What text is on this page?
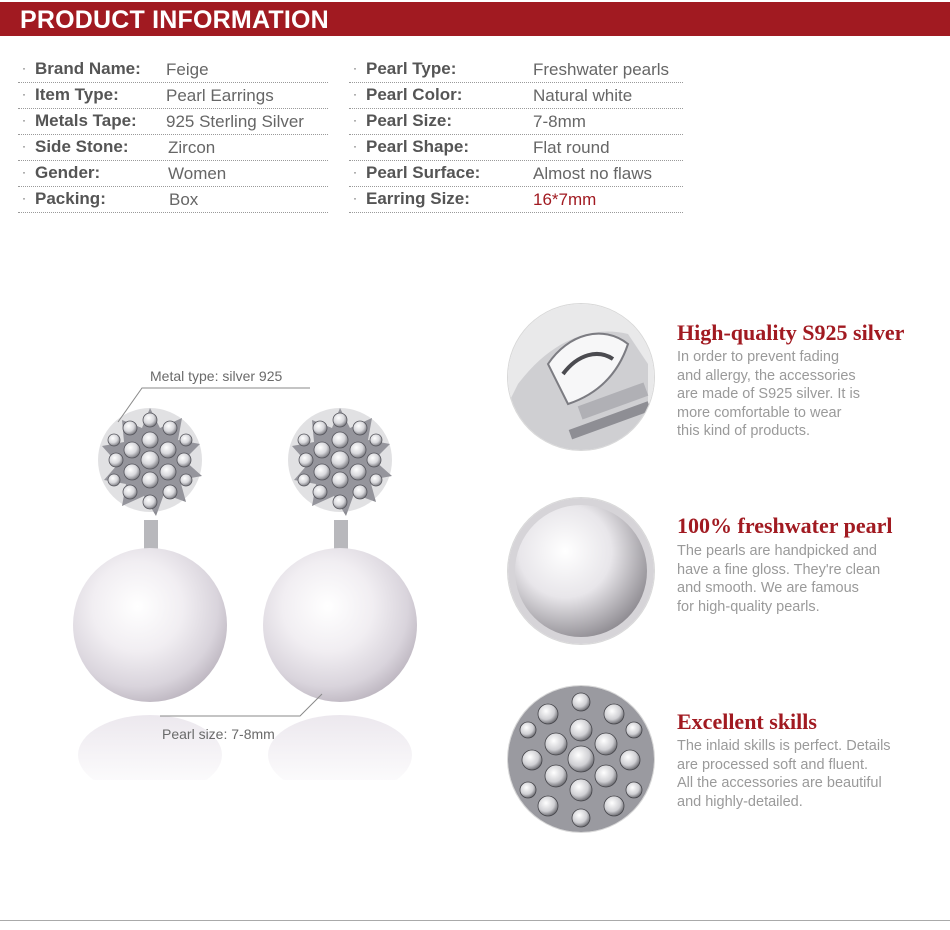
PRODUCT INFORMATION
· Brand Name: Feige
· Item Type:	Pearl Earrings
· Metals Tape: 925 Sterling Silver
· Side Stone: Zircon
· Gender:	Women
· Packing:	Box
· Pearl Type:	Freshwater pearls
· Pearl Color:	Natural white
· Pearl Size:	7-8mm
· Pearl Shape:	Flat round
· Pearl Surface:	Almost no flaws
· Earring Size:	16*7mm
Metal type: silver 925
Pearl size: 7-8mm
High-quality S925 silver
In order to prevent fading
and allergy, the accessories
are made of S925 silver. It is
more comfortable to wear
this kind of products.
100% freshwater pearl
The pearls are handpicked and
have a fine gloss. They're clean
and smooth. We are famous
for high-quality pearls.
Excellent skills
The inlaid skills is perfect. Details
are processed soft and fluent.
All the accessories are beautiful
and highly-detailed.
